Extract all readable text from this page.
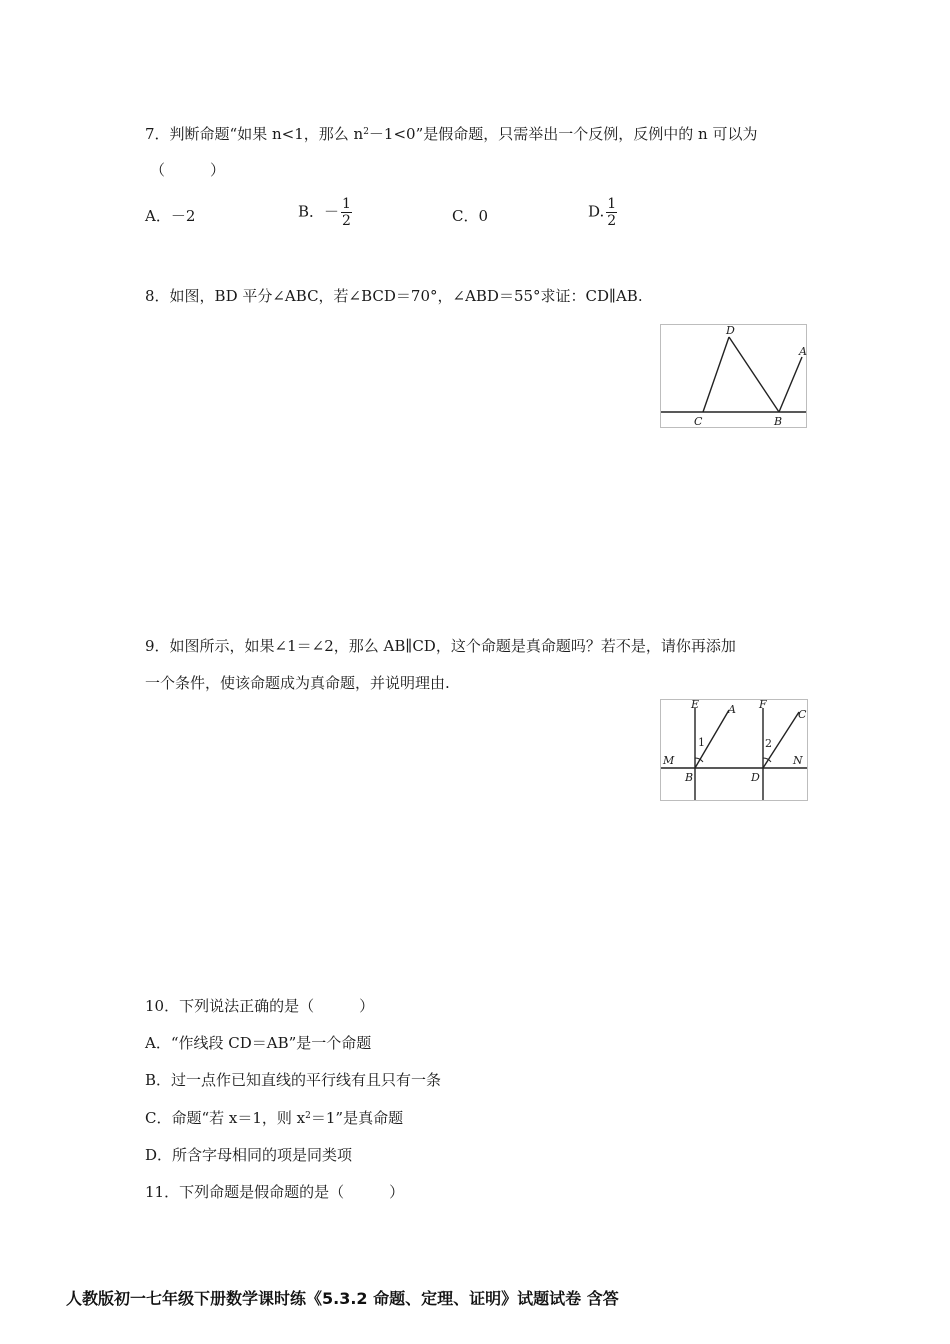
7．判断命题“如果 n<1，那么 $n^2-1<0$”是假命题，只需举出一个反例，反例中的 n 可以为
（　　　）
A．－2	B．－ $\frac{1}{2}$	C．0	D. $\frac{1}{2}$
8．如图，BD 平分∠ABC，若∠BCD＝70°，∠ABD＝55°求证：CD∥AB.
D
A
C	B
9．如图所示，如果∠1＝∠2，那么 AB∥CD，这个命题是真命题吗？若不是，请你再添加
一个条件，使该命题成为真命题，并说明理由.
E	A F
C
1	2
M
B	D
N
10．下列说法正确的是（　　　）
A．“作线段 CD＝AB”是一个命题
B．过一点作已知直线的平行线有且只有一条
C．命题“若 x＝1，则 $x^2=1$”是真命题
D．所含字母相同的项是同类项
11．下列命题是假命题的是（　　　）
人教版初一七年级下册数学课时练《5.3.2 命题、定理、证明》试题试卷 含答
